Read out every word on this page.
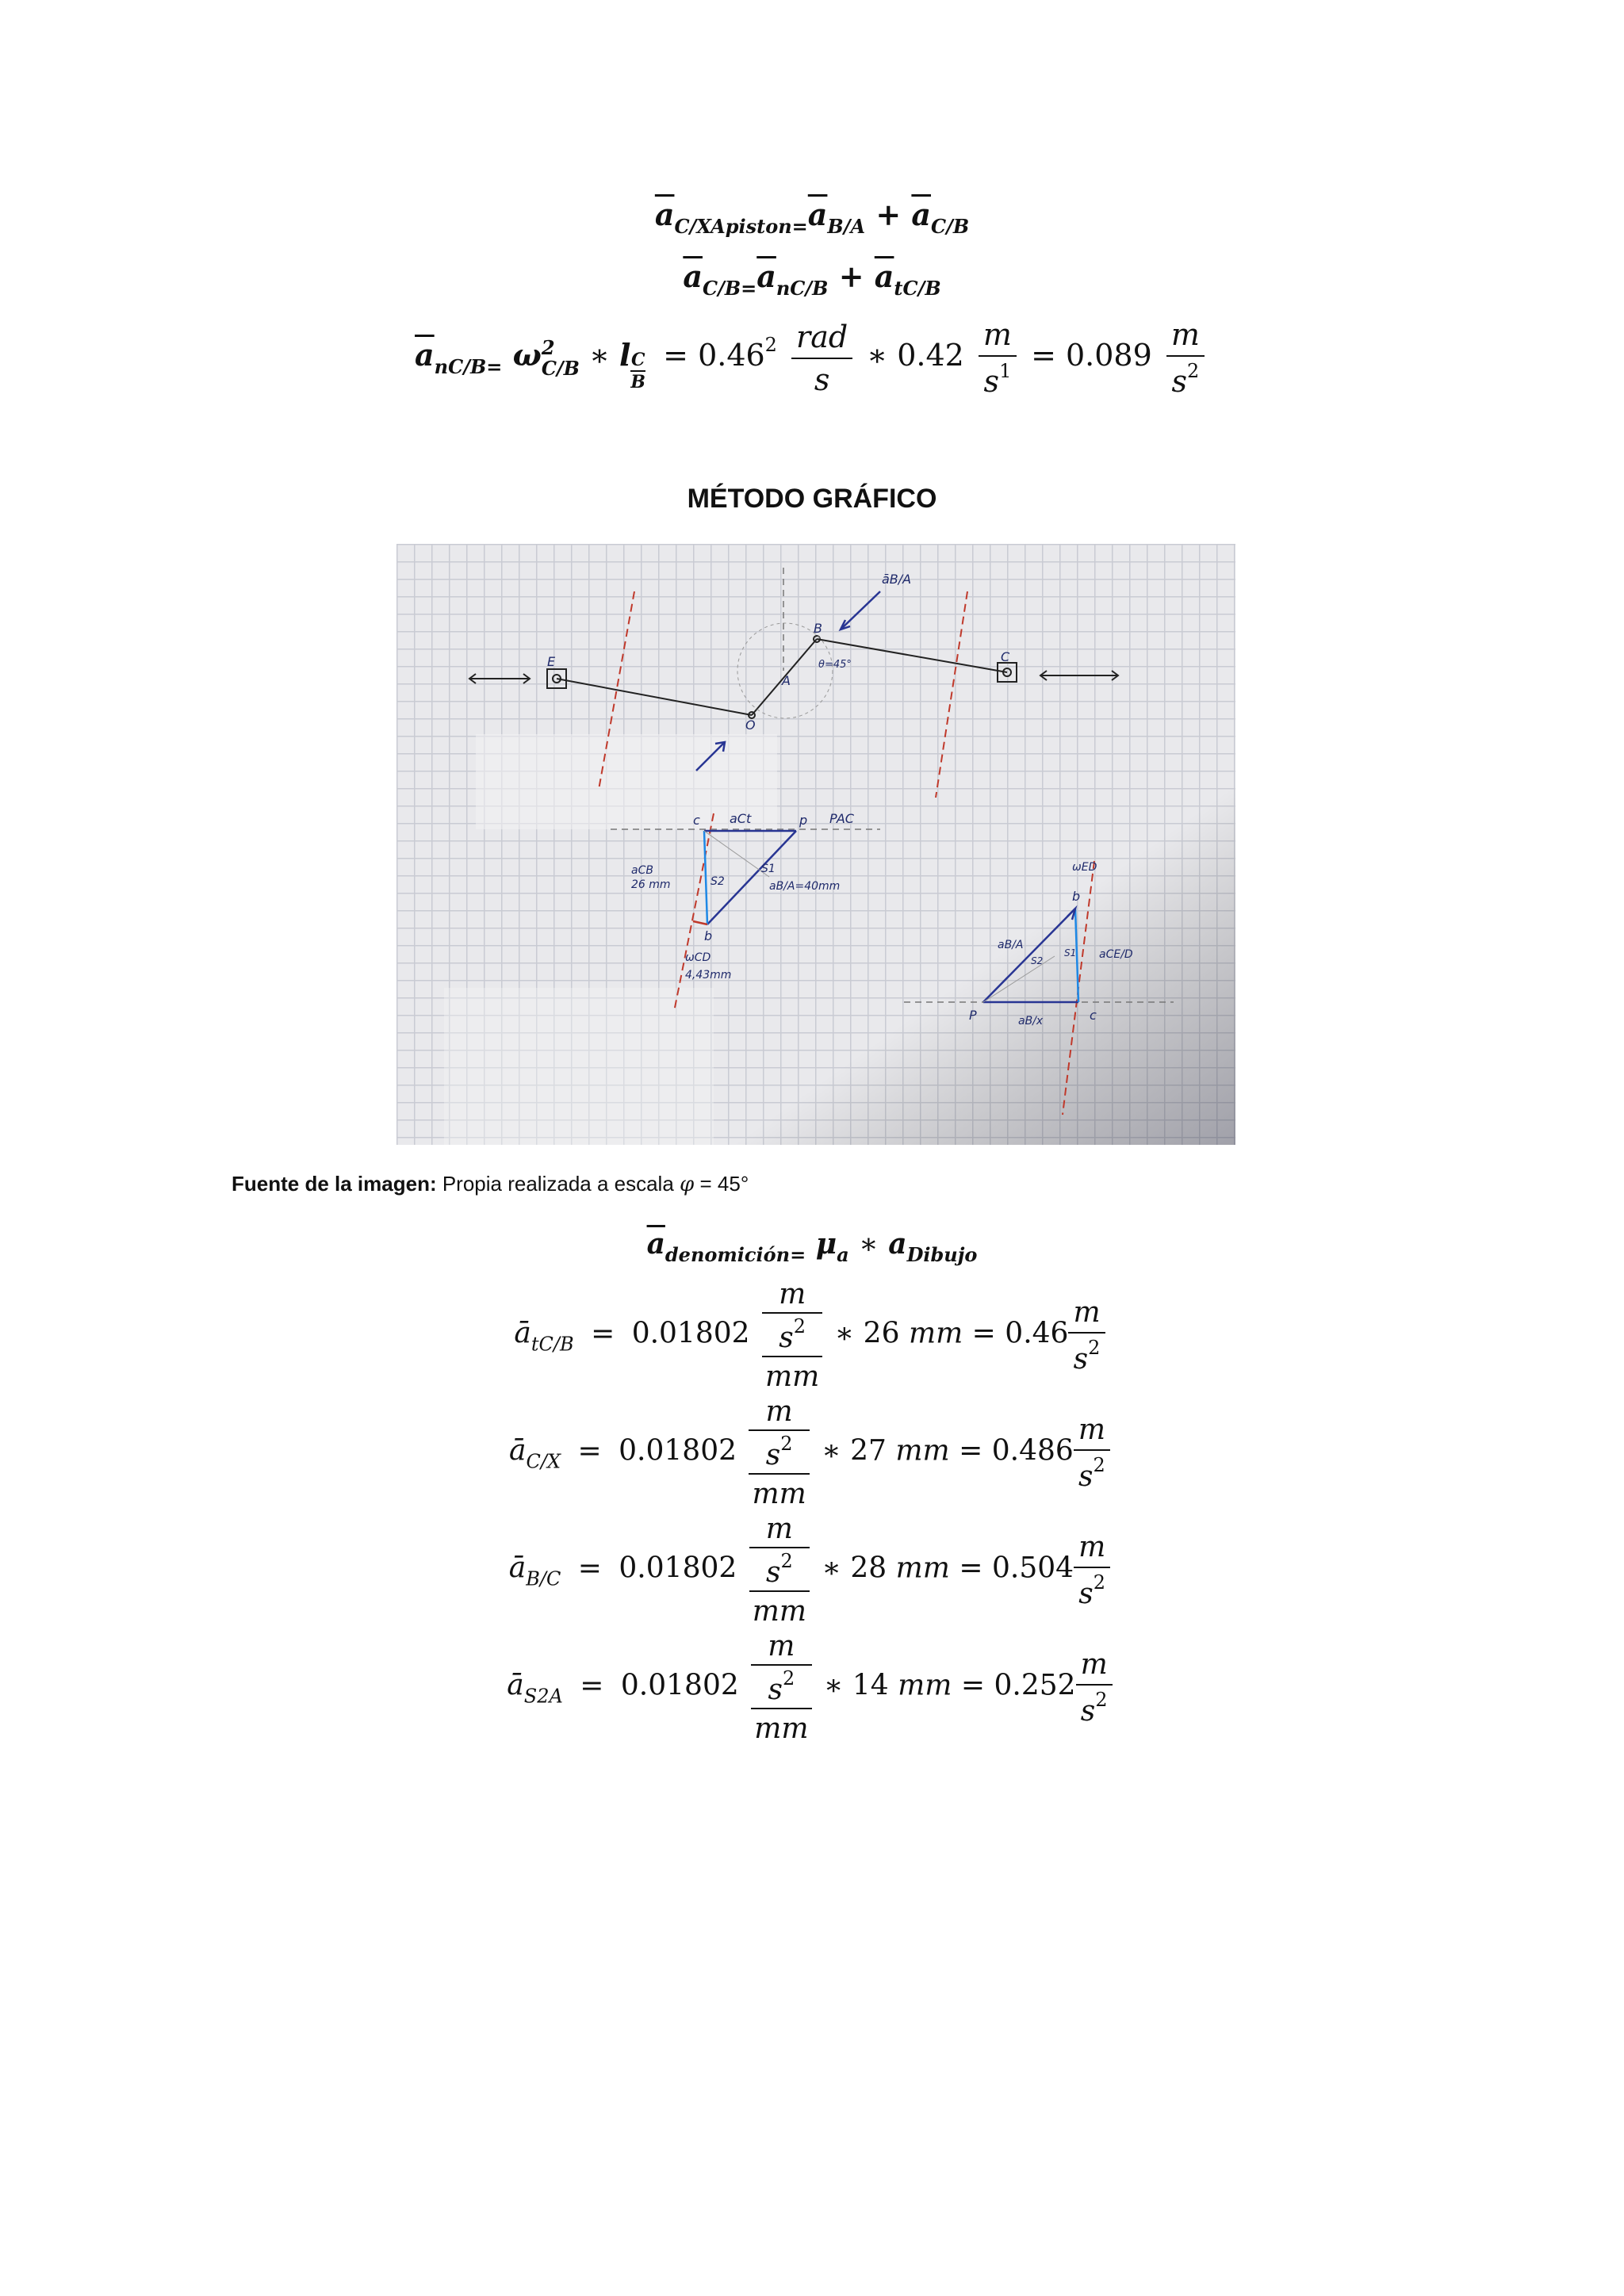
$\overline{a}_{C/XApiston=}\overline{a}_{B/A} + \overline{a}_{C/B}$
$\overline{a}_{C/B=}\overline{a}_{nC/B} + \overline{a}_{tC/B}$
$\overline{a}_{nC/B=}$ ω 2
C/B ∗ l $\frac{C}{B} = 0.46^2 \frac{\text{rad}}{s}$ ∗ $0.42 \frac{m}{s^1} = 0.089 \frac{m}{s^2}$
MÉTODO GRÁFICO
āB/A
E	C
B
O
A
θ=45°
c	p
aCt	PAC
aCB
26 mm	S2
S1
aB/A=40mm
b
ωCD
4,43mm
ωED
b
aB/A
S2
S1 aCE/D
P	aB/x	c
Fuente de la imagen: Propia realizada a escala φ = 45°
$\overline{a}_{denomición=}$ $\mu_a$ ∗ $a_{Dibujo}$
$ā_{tC/B} = 0.01802$
m
$s^2$
mm
∗ 26 mm = $0.46 \frac{m}{s^2}$
$ā_{C/X} = 0.01802$
m
$s^2$
mm
∗ 27 mm = $0.486 \frac{m}{s^2}$
$ā_{B/C} = 0.01802$
m
$s^2$
mm
∗ 28 mm = $0.504 \frac{m}{s^2}$
$ā_{S2A} = 0.01802$
m
$s^2$
mm
∗ 14 mm = $0.252 \frac{m}{s^2}$
